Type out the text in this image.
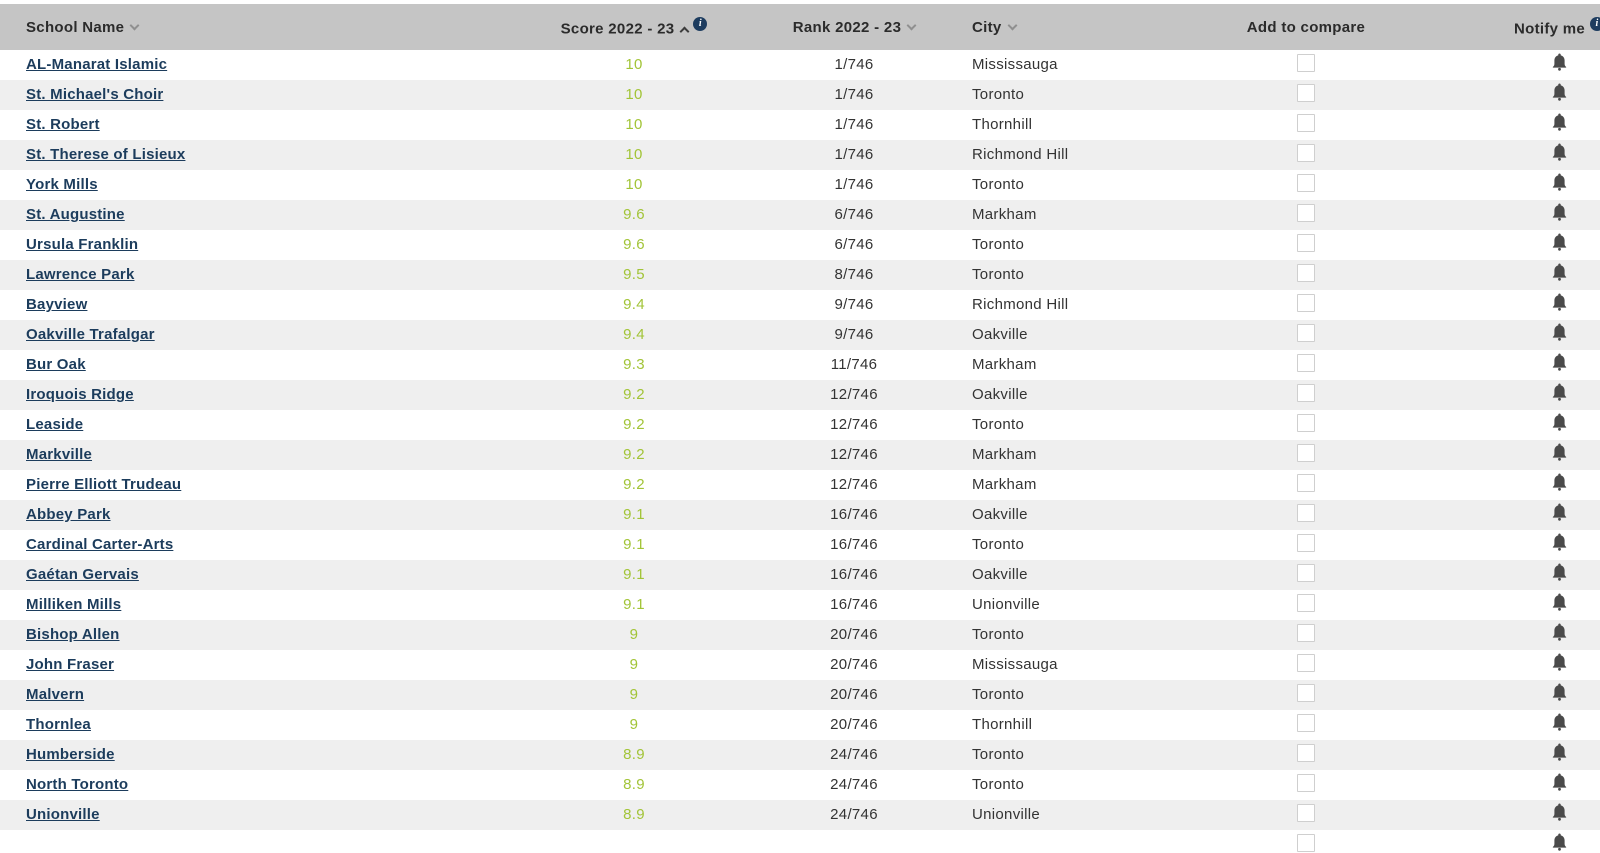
School Name	Score 2022 - 23 i	Rank 2022 - 23	City	Add to compare	Notify me i
AL-Manarat Islamic	10	1/746	Mississauga
St. Michael's Choir	10	1/746	Toronto
St. Robert	10	1/746	Thornhill
St. Therese of Lisieux	10	1/746	Richmond Hill
York Mills	10	1/746	Toronto
St. Augustine	9.6	6/746	Markham
Ursula Franklin	9.6	6/746	Toronto
Lawrence Park	9.5	8/746	Toronto
Bayview	9.4	9/746	Richmond Hill
Oakville Trafalgar	9.4	9/746	Oakville
Bur Oak	9.3	11/746	Markham
Iroquois Ridge	9.2	12/746	Oakville
Leaside	9.2	12/746	Toronto
Markville	9.2	12/746	Markham
Pierre Elliott Trudeau	9.2	12/746	Markham
Abbey Park	9.1	16/746	Oakville
Cardinal Carter-Arts	9.1	16/746	Toronto
Gaétan Gervais	9.1	16/746	Oakville
Milliken Mills	9.1	16/746	Unionville
Bishop Allen	9	20/746	Toronto
John Fraser	9	20/746	Mississauga
Malvern	9	20/746	Toronto
Thornlea	9	20/746	Thornhill
Humberside	8.9	24/746	Toronto
North Toronto	8.9	24/746	Toronto
Unionville	8.9	24/746	Unionville
